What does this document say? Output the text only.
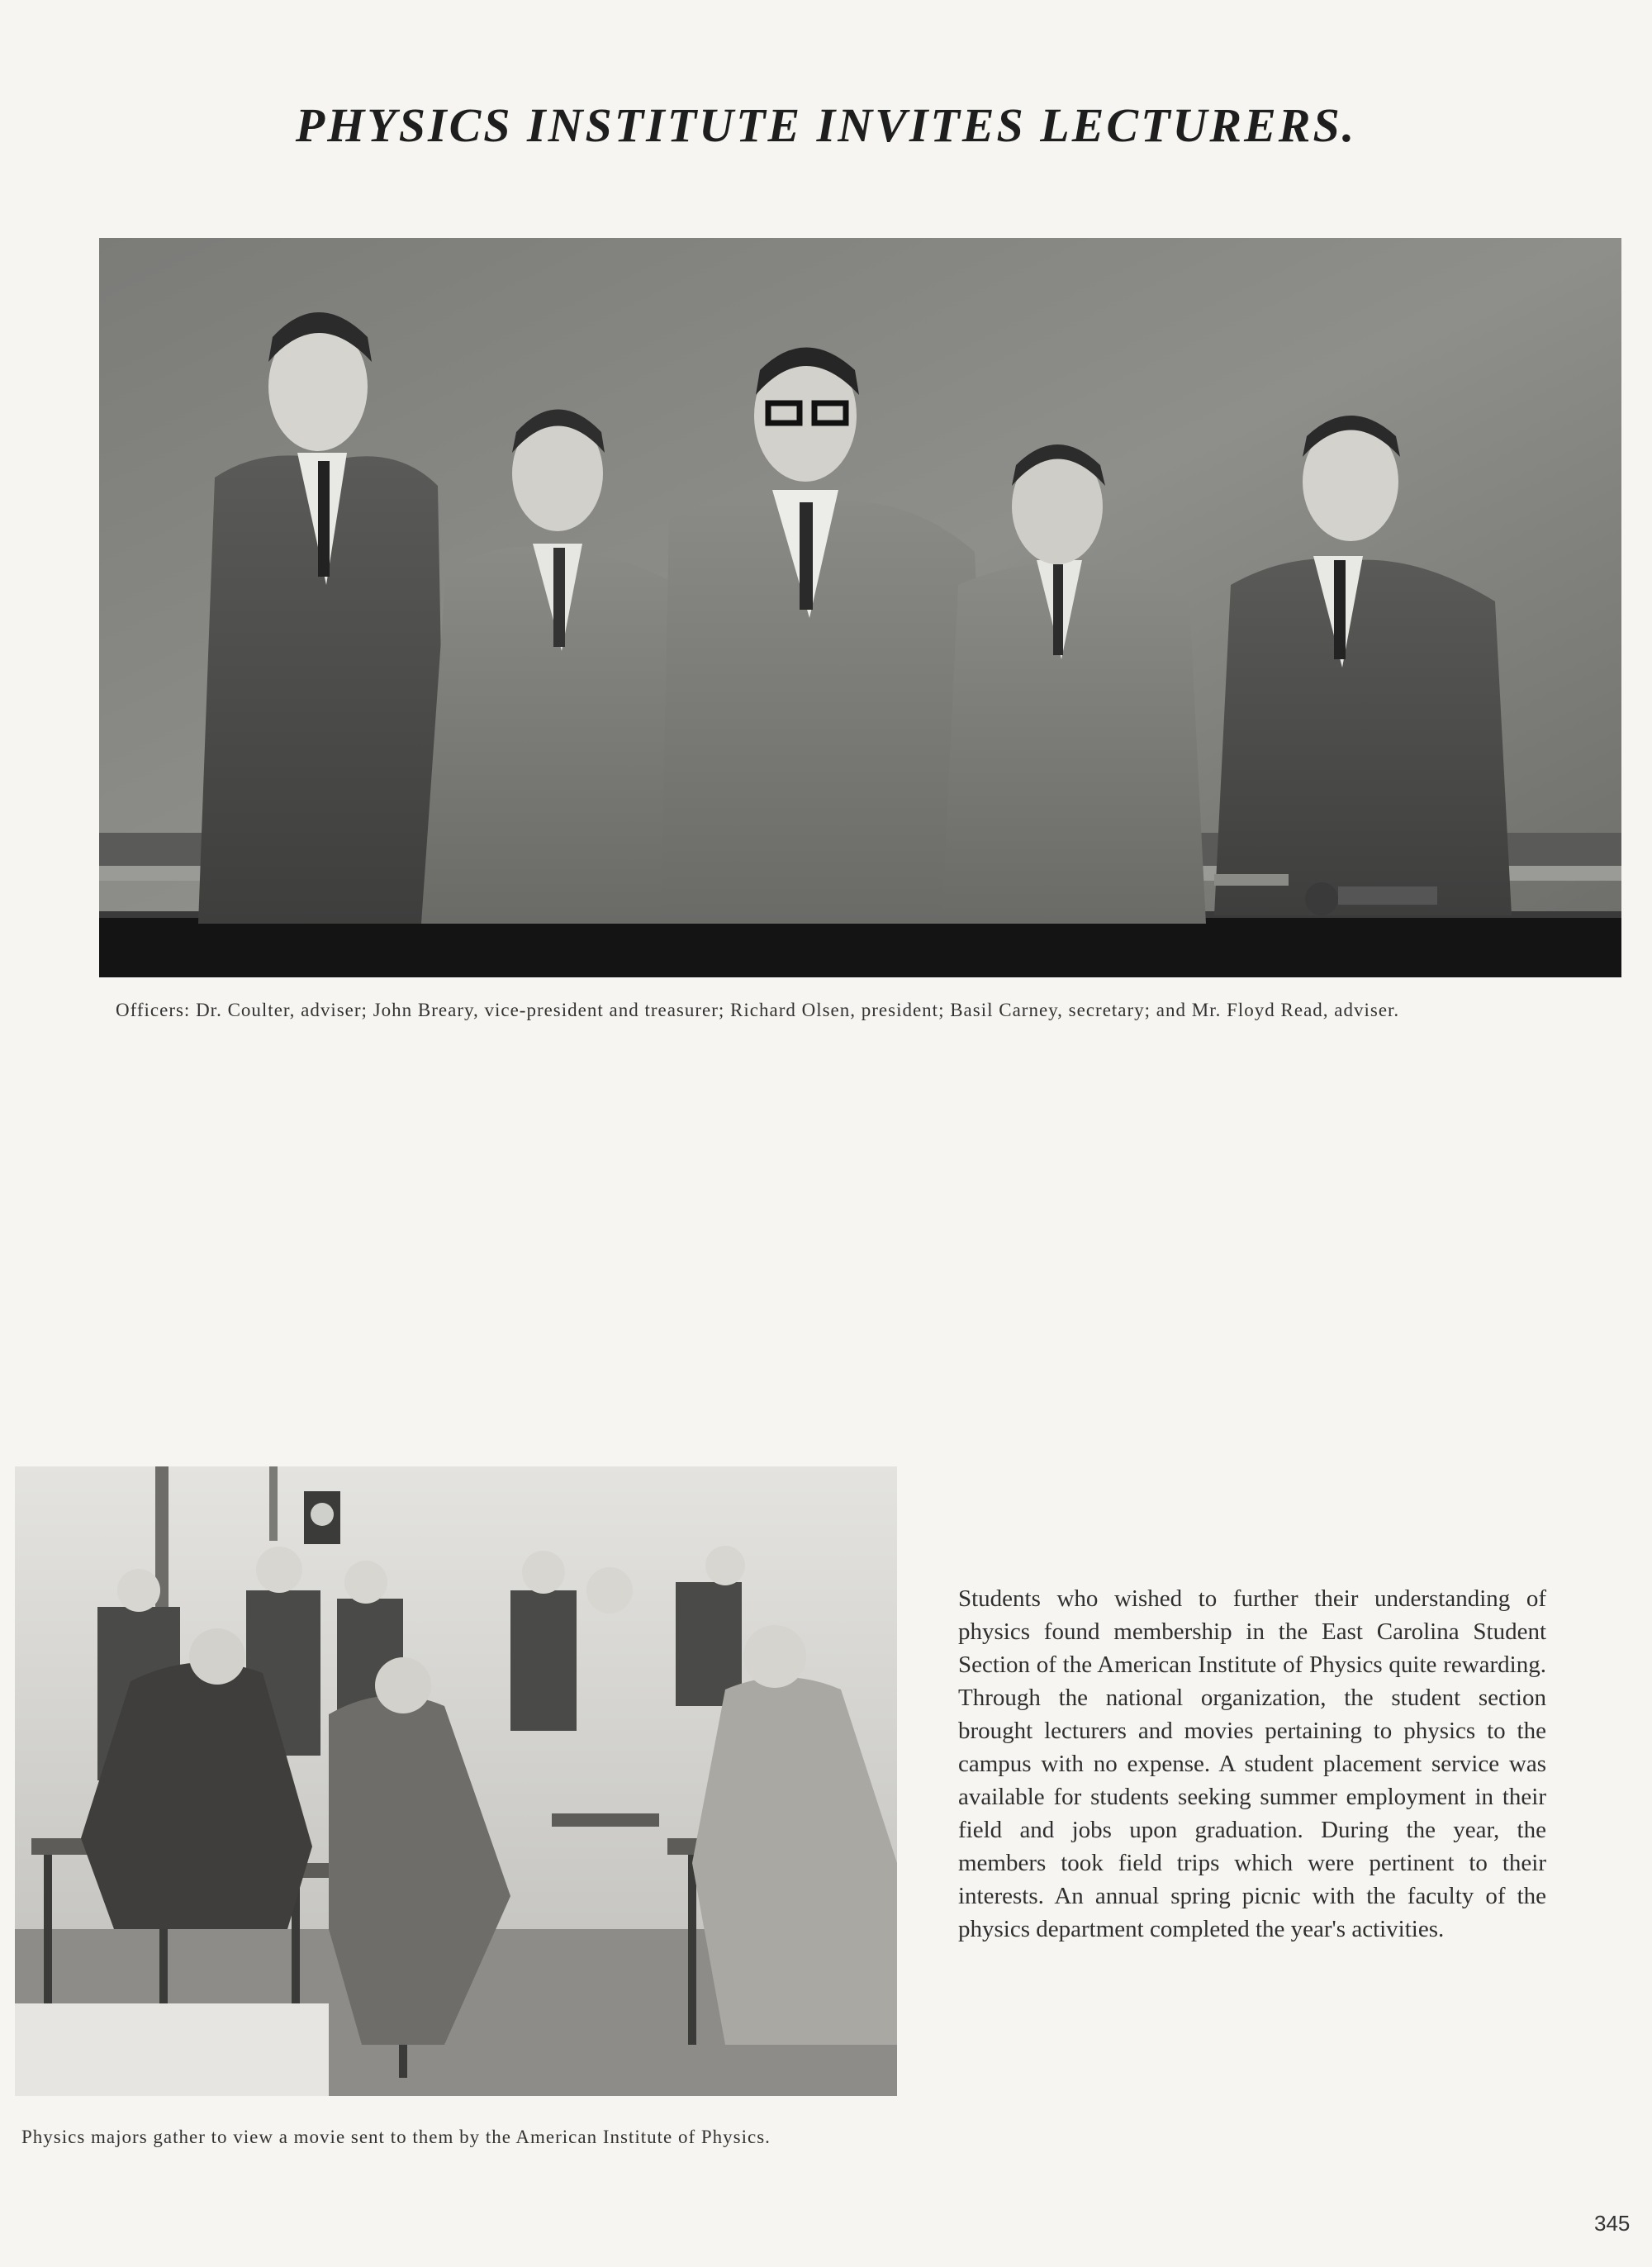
PHYSICS INSTITUTE INVITES LECTURERS.
Officers: Dr. Coulter, adviser; John Breary, vice-president and treasurer; Richard Olsen, president; Basil Carney, secretary; and Mr. Floyd Read, adviser.
Physics majors gather to view a movie sent to them by the American Institute of Physics.
Students who wished to further their understanding of physics found membership in the East Carolina Student Section of the American Institute of Physics quite rewarding. Through the national organization, the student section brought lecturers and movies pertaining to physics to the campus with no expense. A student placement service was available for students seeking summer employment in their field and jobs upon graduation. During the year, the members took field trips which were pertinent to their interests. An annual spring picnic with the faculty of the physics department completed the year's activities.
345
